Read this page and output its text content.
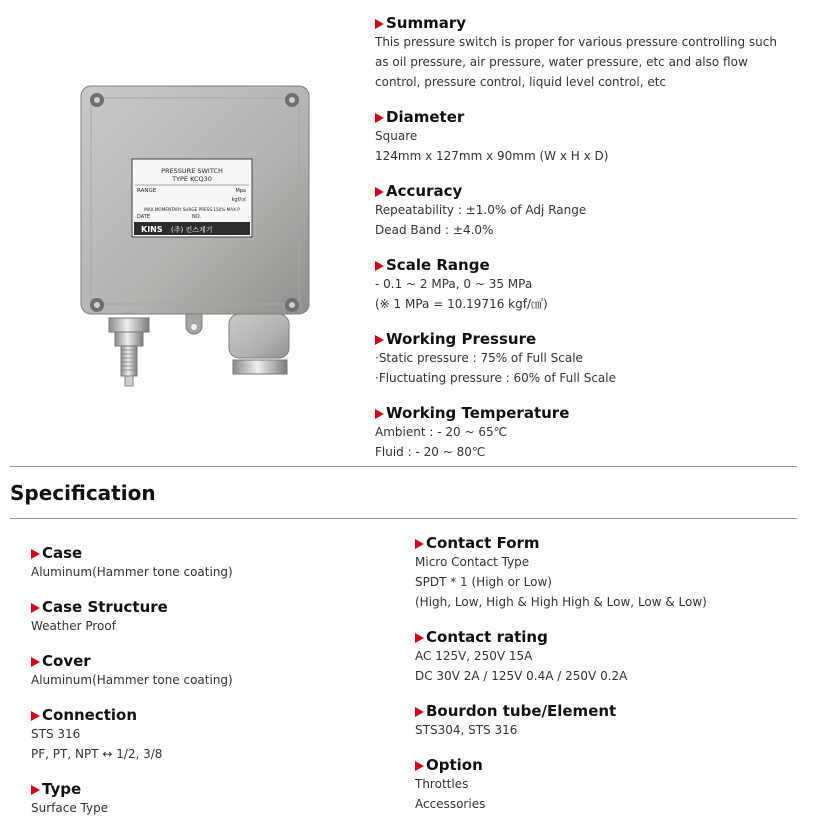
PRESSURE SWITCH
TYPE KCQ30
RANGE	Mpa
kgf/㎠
MAX.MOMENTARY SURGE PRESS.150% MAX.P
DATE	NO.
KINS (주) 킨스계기
Summary
This pressure switch is proper for various pressure controlling such
as oil pressure, air pressure, water pressure, etc and also flow
control, pressure control, liquid level control, etc
Diameter
Square
124mm x 127mm x 90mm (W x H x D)
Accuracy
Repeatability : ±1.0% of Adj Range
Dead Band : ±4.0%
Scale Range
- 0.1 ~ 2 MPa, 0 ~ 35 MPa
(※ 1 MPa = 10.19716 kgf/㎠)
Working Pressure
·Static pressure : 75% of Full Scale
·Fluctuating pressure : 60% of Full Scale
Working Temperature
Ambient : - 20 ~ 65℃
Fluid : - 20 ~ 80℃
Specification
Case
Aluminum(Hammer tone coating)
Case Structure
Weather Proof
Cover
Aluminum(Hammer tone coating)
Connection
STS 316
PF, PT, NPT ↔ 1/2, 3/8
Type
Surface Type
Contact Form
Micro Contact Type
SPDT * 1 (High or Low)
(High, Low, High & High High & Low, Low & Low)
Contact rating
AC 125V, 250V 15A
DC 30V 2A / 125V 0.4A / 250V 0.2A
Bourdon tube/Element
STS304, STS 316
Option
Throttles
Accessories
